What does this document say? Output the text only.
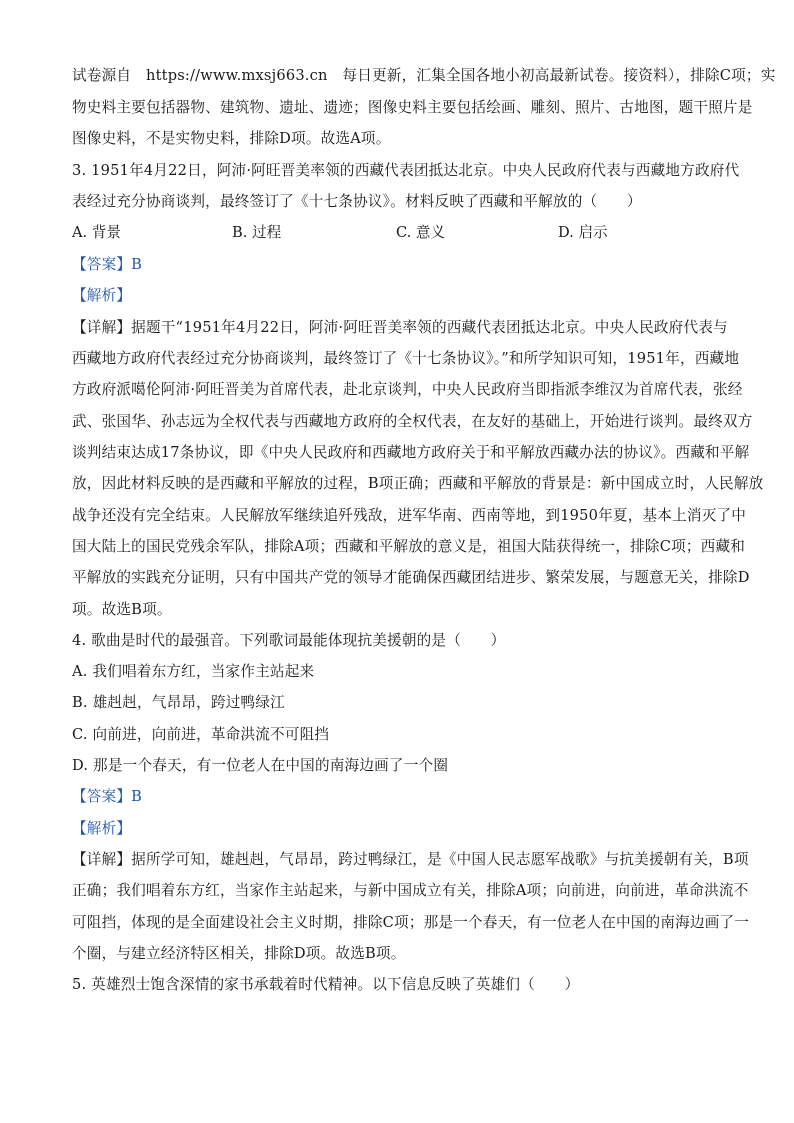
试卷源自　https://www.mxsj663.cn　每日更新，汇集全国各地小初高最新试卷。接资料），排除C项；实
物史料主要包括器物、建筑物、遗址、遗迹；图像史料主要包括绘画、雕刻、照片、古地图，题干照片是
图像史料，不是实物史料，排除D项。故选A项。
3. 1951年4月22日，阿沛·阿旺晋美率领的西藏代表团抵达北京。中央人民政府代表与西藏地方政府代
表经过充分协商谈判，最终签订了《十七条协议》。材料反映了西藏和平解放的（　　）
A. 背景	B. 过程	C. 意义	D. 启示
【答案】B
【解析】
【详解】据题干“1951年4月22日，阿沛·阿旺晋美率领的西藏代表团抵达北京。中央人民政府代表与
西藏地方政府代表经过充分协商谈判，最终签订了《十七条协议》。”和所学知识可知，1951年，西藏地
方政府派噶伦阿沛·阿旺晋美为首席代表，赴北京谈判，中央人民政府当即指派李维汉为首席代表，张经
武、张国华、孙志远为全权代表与西藏地方政府的全权代表，在友好的基础上，开始进行谈判。最终双方
谈判结束达成17条协议，即《中央人民政府和西藏地方政府关于和平解放西藏办法的协议》。西藏和平解
放，因此材料反映的是西藏和平解放的过程，B项正确；西藏和平解放的背景是：新中国成立时，人民解放
战争还没有完全结束。人民解放军继续追歼残敌，进军华南、西南等地，到1950年夏，基本上消灭了中
国大陆上的国民党残余军队，排除A项；西藏和平解放的意义是，祖国大陆获得统一，排除C项；西藏和
平解放的实践充分证明，只有中国共产党的领导才能确保西藏团结进步、繁荣发展，与题意无关，排除D
项。故选B项。
4. 歌曲是时代的最强音。下列歌词最能体现抗美援朝的是（　　）
A. 我们唱着东方红，当家作主站起来
B. 雄赳赳，气昂昂，跨过鸭绿江
C. 向前进，向前进，革命洪流不可阻挡
D. 那是一个春天，有一位老人在中国的南海边画了一个圈
【答案】B
【解析】
【详解】据所学可知，雄赳赳，气昂昂，跨过鸭绿江，是《中国人民志愿军战歌》与抗美援朝有关，B项
正确；我们唱着东方红，当家作主站起来，与新中国成立有关，排除A项；向前进，向前进，革命洪流不
可阻挡，体现的是全面建设社会主义时期，排除C项；那是一个春天，有一位老人在中国的南海边画了一
个圈，与建立经济特区相关，排除D项。故选B项。
5. 英雄烈士饱含深情的家书承载着时代精神。以下信息反映了英雄们（　　）
